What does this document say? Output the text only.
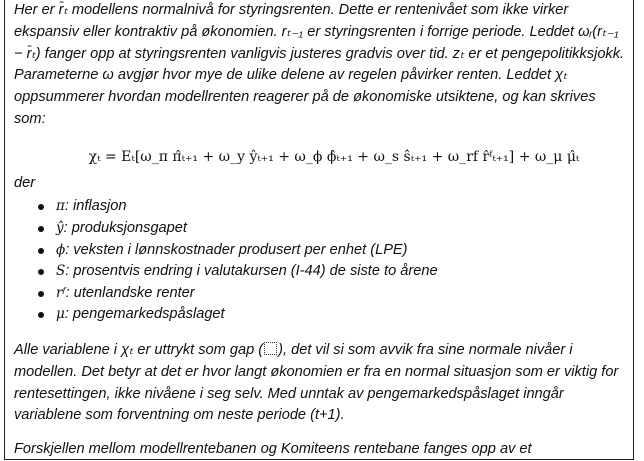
Her er r̄ₜ modellens normalnivå for styringsrenten. Dette er rentenivået som ikke virker ekspansiv eller kontraktiv på økonomien. rₜ₋₁ er styringsrenten i forrige periode. Leddet ωᵣ(rₜ₋₁ − r̄ₜ) fanger opp at styringsrenten vanligvis justeres gradvis over tid. zₜ er et pengepolitikksjokk. Parameterne ω avgjør hvor mye de ulike delene av regelen påvirker renten. Leddet χₜ oppsummerer hvordan modellrenten reagerer på de økonomiske utsiktene, og kan skrives som:

χₜ = Eₜ[ω_π π̂ₜ₊₁ + ω_y ŷₜ₊₁ + ω_ϕ ϕ̂ₜ₊₁ + ω_s ŝₜ₊₁ + ω_rf r̂ᶠₜ₊₁] + ω_μ μ̂ₜ

der

π: inflasjon
ŷ: produksjonsgapet
ϕ: veksten i lønnskostnader produsert per enhet (LPE)
S: prosentvis endring i valutakursen (I-44) de siste to årene
rᶠ: utenlandske renter
μ: pengemarkedspåslaget

Alle variablene i χₜ er uttrykt som gap ( ), det vil si som avvik fra sine normale nivåer i modellen. Det betyr at det er hvor langt økonomien er fra en normal situasjon som er viktig for rentesettingen, ikke nivåene i seg selv. Med unntak av pengemarkedspåslaget inngår variablene som forventning om neste periode (t+1).

Forskjellen mellom modellrentebanen og Komiteens rentebane fanges opp av et
